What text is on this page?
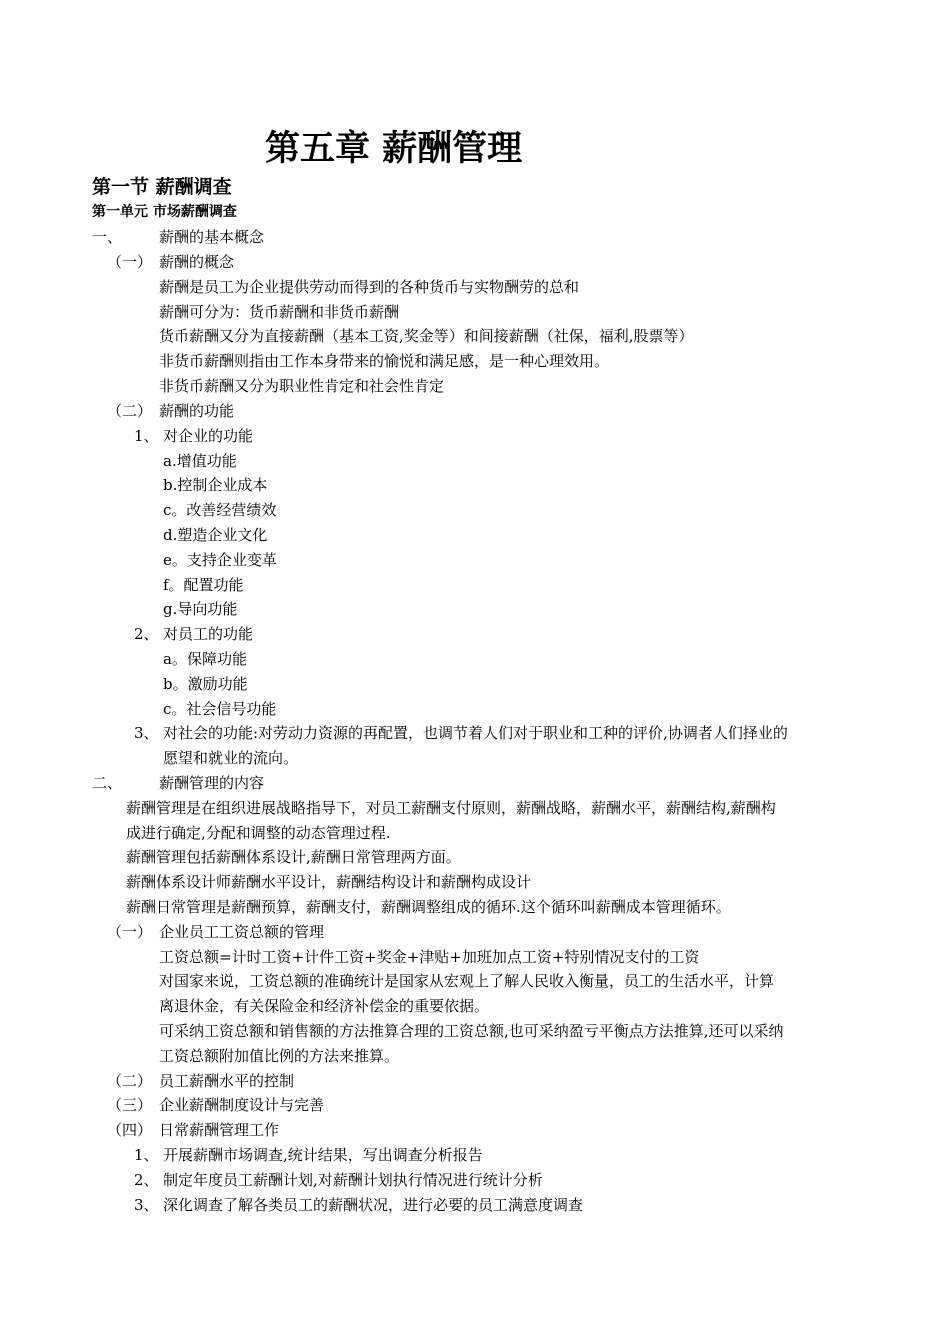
第五章 薪酬管理
第一节 薪酬调查
第一单元 市场薪酬调查
一、 薪酬的基本概念
（一） 薪酬的概念
薪酬是员工为企业提供劳动而得到的各种货币与实物酬劳的总和
薪酬可分为：货币薪酬和非货币薪酬
货币薪酬又分为直接薪酬（基本工资,奖金等）和间接薪酬（社保，福利,股票等）
非货币薪酬则指由工作本身带来的愉悦和满足感，是一种心理效用。
非货币薪酬又分为职业性肯定和社会性肯定
（二） 薪酬的功能
1、 对企业的功能
a.增值功能
b.控制企业成本
c。改善经营绩效
d.塑造企业文化
e。支持企业变革
f。配置功能
g.导向功能
2、 对员工的功能
a。保障功能
b。激励功能
c。社会信号功能
3、 对社会的功能:对劳动力资源的再配置，也调节着人们对于职业和工种的评价,协调者人们择业的
愿望和就业的流向。
二、 薪酬管理的内容
薪酬管理是在组织进展战略指导下，对员工薪酬支付原则，薪酬战略，薪酬水平，薪酬结构,薪酬构
成进行确定,分配和调整的动态管理过程.
薪酬管理包括薪酬体系设计,薪酬日常管理两方面。
薪酬体系设计师薪酬水平设计，薪酬结构设计和薪酬构成设计
薪酬日常管理是薪酬预算，薪酬支付，薪酬调整组成的循环.这个循环叫薪酬成本管理循环。
（一） 企业员工工资总额的管理
工资总额=计时工资+计件工资+奖金+津贴+加班加点工资+特别情况支付的工资
对国家来说，工资总额的准确统计是国家从宏观上了解人民收入衡量，员工的生活水平，计算
离退休金，有关保险金和经济补偿金的重要依据。
可采纳工资总额和销售额的方法推算合理的工资总额,也可采纳盈亏平衡点方法推算,还可以采纳
工资总额附加值比例的方法来推算。
（二） 员工薪酬水平的控制
（三） 企业薪酬制度设计与完善
（四） 日常薪酬管理工作
1、 开展薪酬市场调查,统计结果，写出调查分析报告
2、 制定年度员工薪酬计划,对薪酬计划执行情况进行统计分析
3、 深化调查了解各类员工的薪酬状况，进行必要的员工满意度调查
